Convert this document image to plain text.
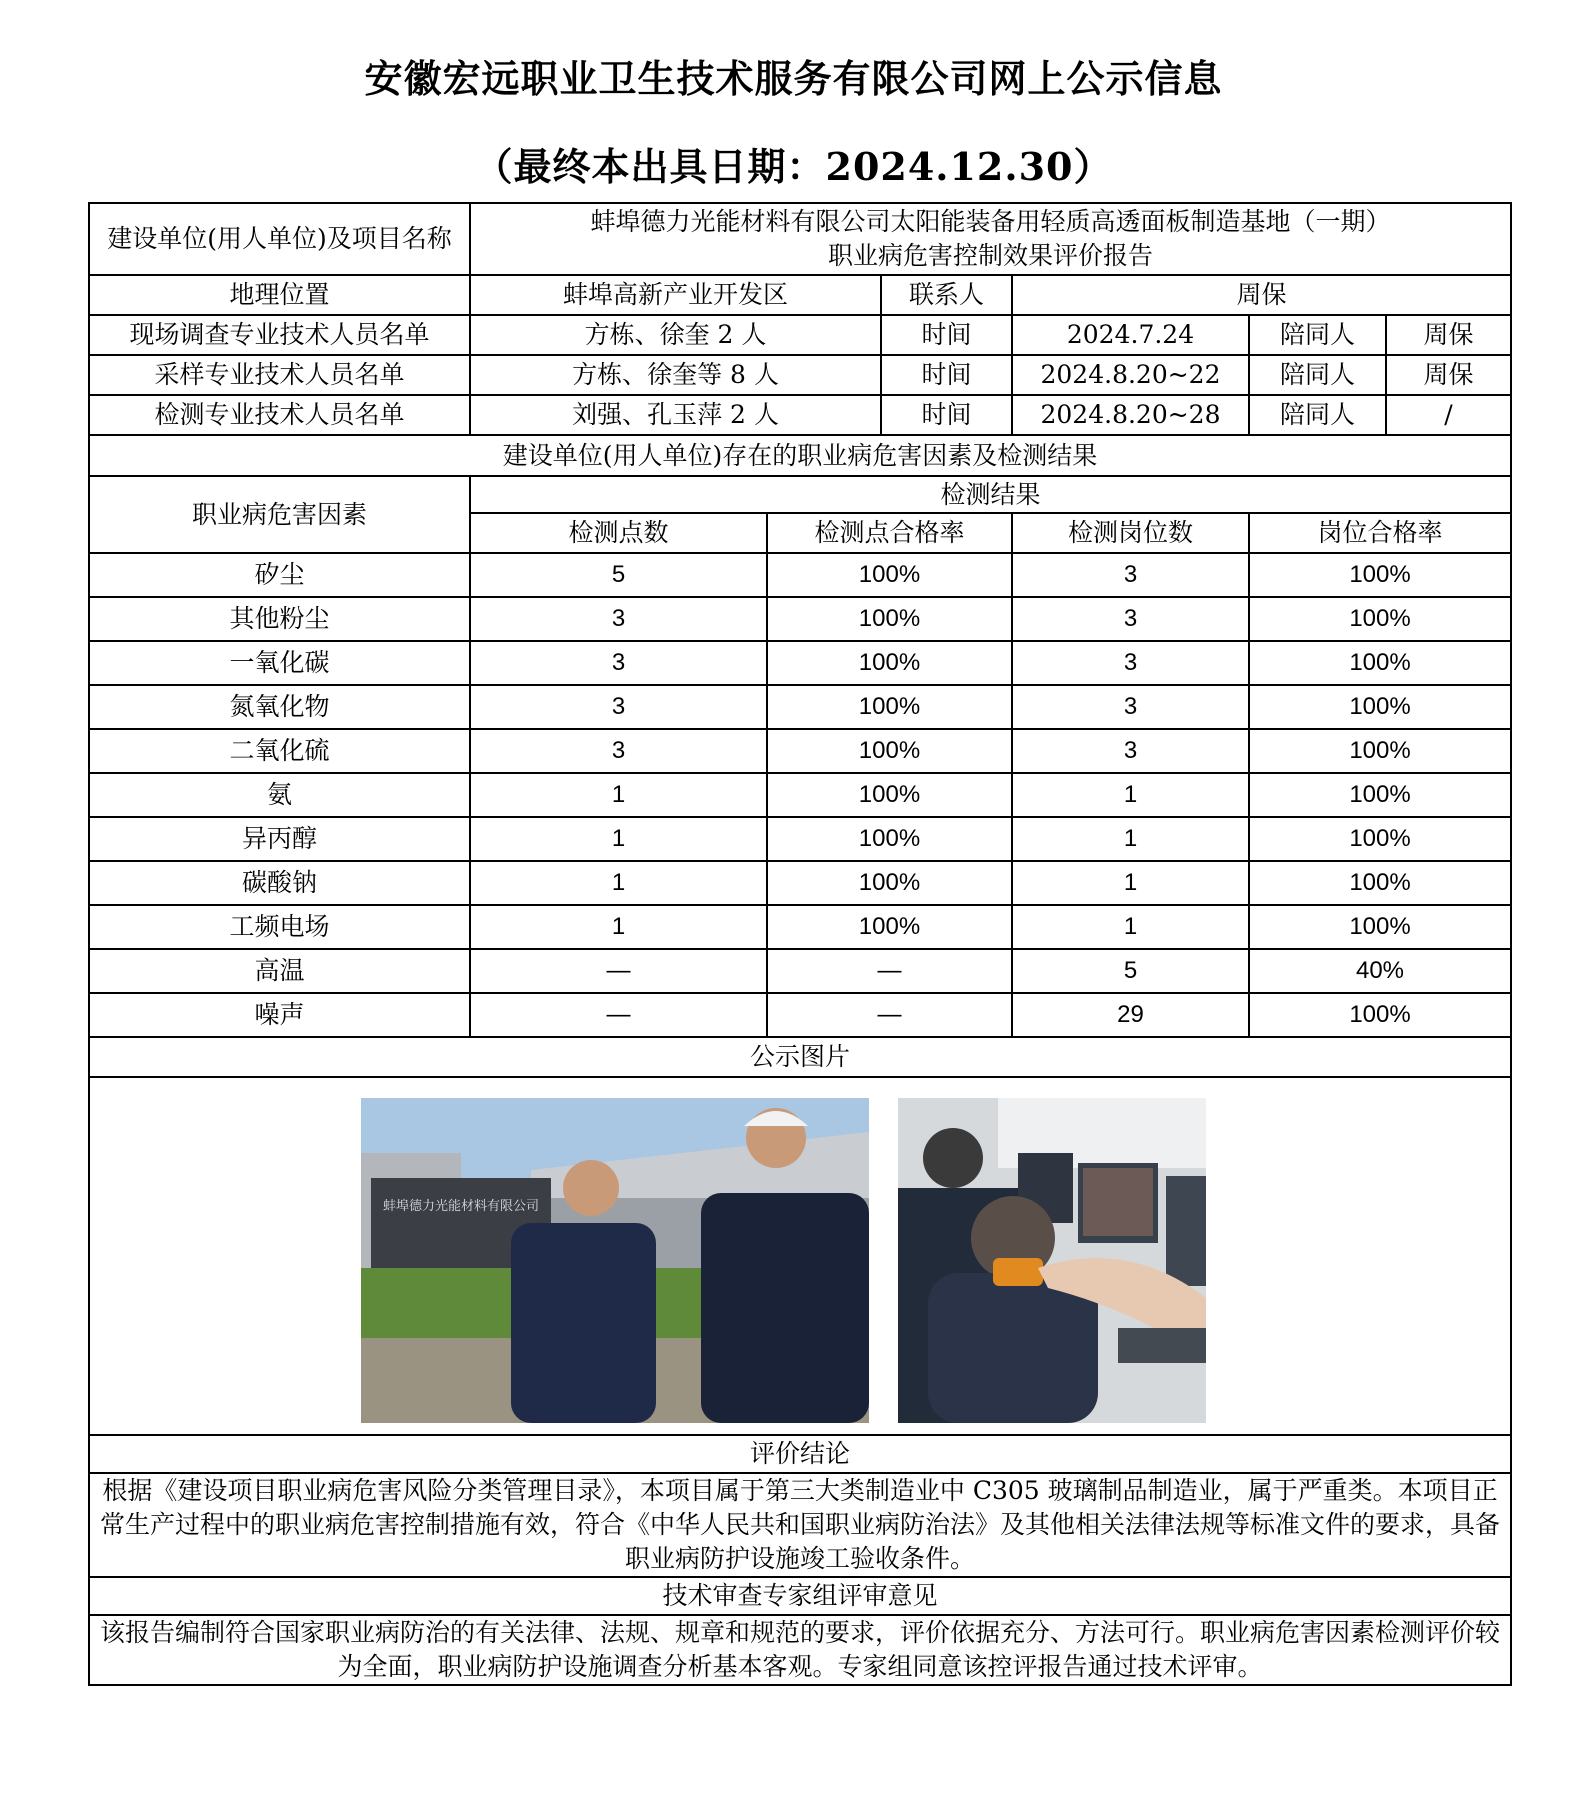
安徽宏远职业卫生技术服务有限公司网上公示信息
（最终本出具日期：2024.12.30）
建设单位(用人单位)及项目名称	
蚌埠德力光能材料有限公司太阳能装备用轻质高透面板制造基地（一期）
职业病危害控制效果评价报告

地理位置	蚌埠高新产业开发区	联系人	周保
现场调查专业技术人员名单	方栋、徐奎 2 人	时间	2024.7.24		陪同人	周保

采样专业技术人员名单	方栋、徐奎等 8 人	时间	2024.8.20~22	陪同人	周保

检测专业技术人员名单	刘强、孔玉萍 2 人	时间	2024.8.20~28	陪同人	/

建设单位(用人单位)存在的职业病危害因素及检测结果
职业病危害因素	检测结果
检测点数	检测点合格率	检测岗位数	岗位合格率
矽尘	5	100%	3	100%
其他粉尘	3	100%	3	100%
一氧化碳	3	100%	3	100%
氮氧化物	3	100%	3	100%
二氧化硫	3	100%	3	100%
氨	1	100%	1	100%
异丙醇	1	100%	1	100%
碳酸钠	1	100%	1	100%
工频电场	1	100%	1	100%
高温	—	—	5	40%
噪声	—	—	29	100%
公示图片

蚌埠德力光能材料有限公司

评价结论
根据《建设项目职业病危害风险分类管理目录》，本项目属于第三大类制造业中 C305 玻璃制品制造业，属于严重类。本项目正常生产过程中的职业病危害控制措施有效，符合《中华人民共和国职业病防治法》及其他相关法律法规等标准文件的要求，具备职业病防护设施竣工验收条件。
技术审查专家组评审意见
该报告编制符合国家职业病防治的有关法律、法规、规章和规范的要求，评价依据充分、方法可行。职业病危害因素检测评价较为全面，职业病防护设施调查分析基本客观。专家组同意该控评报告通过技术评审。
